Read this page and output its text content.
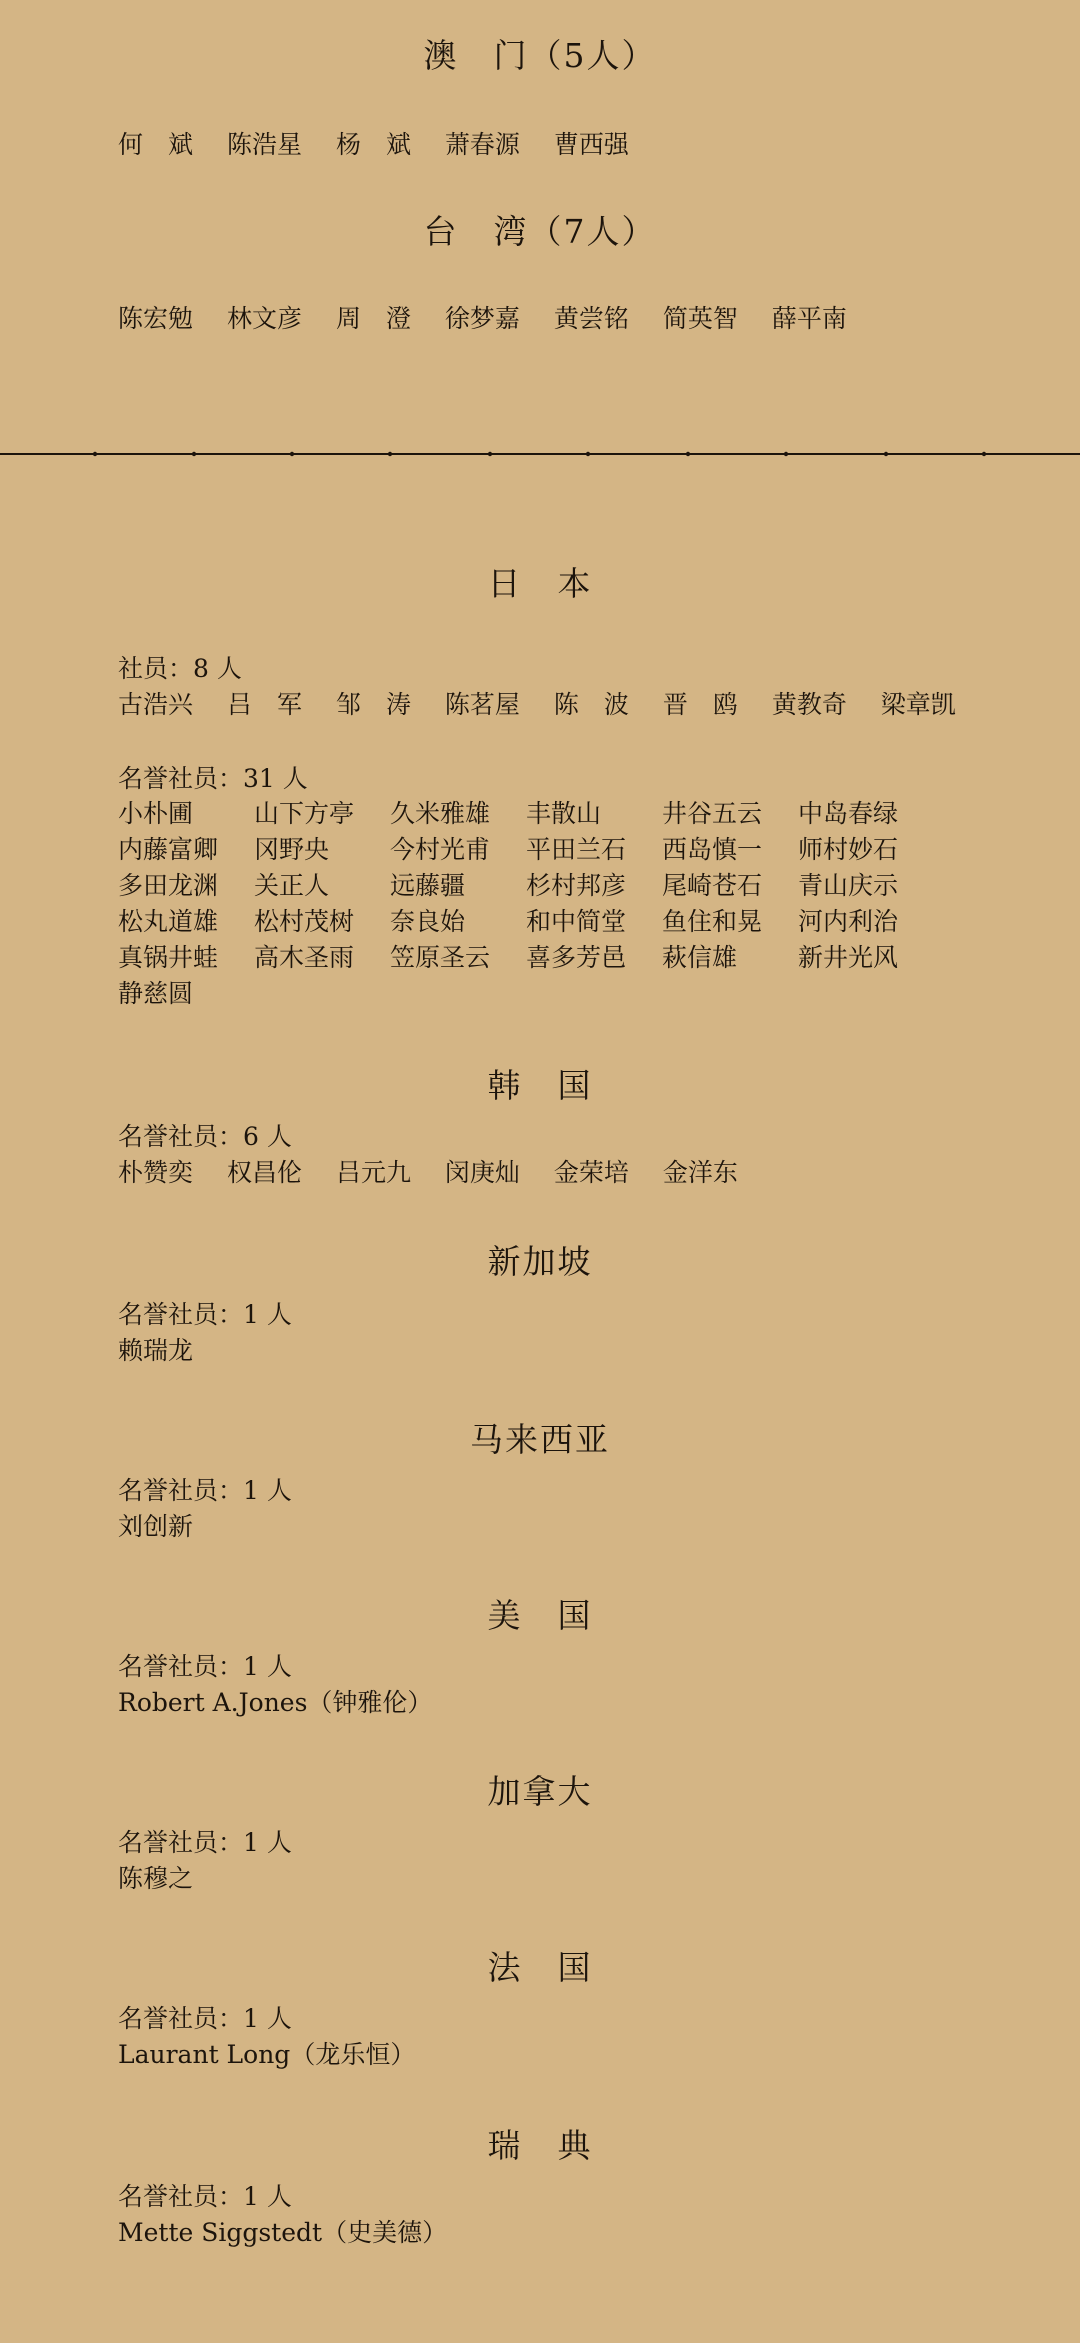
澳　门（5人）
何　斌 陈浩星 杨　斌 萧春源 曹西强
台　湾（7人）
陈宏勉 林文彦 周　澄 徐梦嘉 黄尝铭 简英智 薛平南
日　本
社员：8 人
古浩兴 吕　军 邹　涛 陈茗屋 陈　波 晋　鸥 黄教奇 梁章凯
名誉社员：31 人
小朴圃	山下方亭	久米雅雄	丰散山	井谷五云	中岛春绿
内藤富卿	冈野央	今村光甫	平田兰石	西岛慎一	师村妙石
多田龙渊	关正人	远藤疆	杉村邦彦	尾崎苍石	青山庆示
松丸道雄	松村茂树	奈良始	和中简堂	鱼住和晃	河内利治
真锅井蛙	高木圣雨	笠原圣云	喜多芳邑	萩信雄	新井光风
静慈圆
韩　国
名誉社员：6 人
朴赞奕 权昌伦 吕元九 闵庚灿 金荣培 金洋东
新加坡
名誉社员：1 人
赖瑞龙
马来西亚
名誉社员：1 人
刘创新
美　国
名誉社员：1 人
Robert A.Jones（钟雅伦）
加拿大
名誉社员：1 人
陈穆之
法　国
名誉社员：1 人
Laurant Long（龙乐恒）
瑞　典
名誉社员：1 人
Mette Siggstedt（史美德）
